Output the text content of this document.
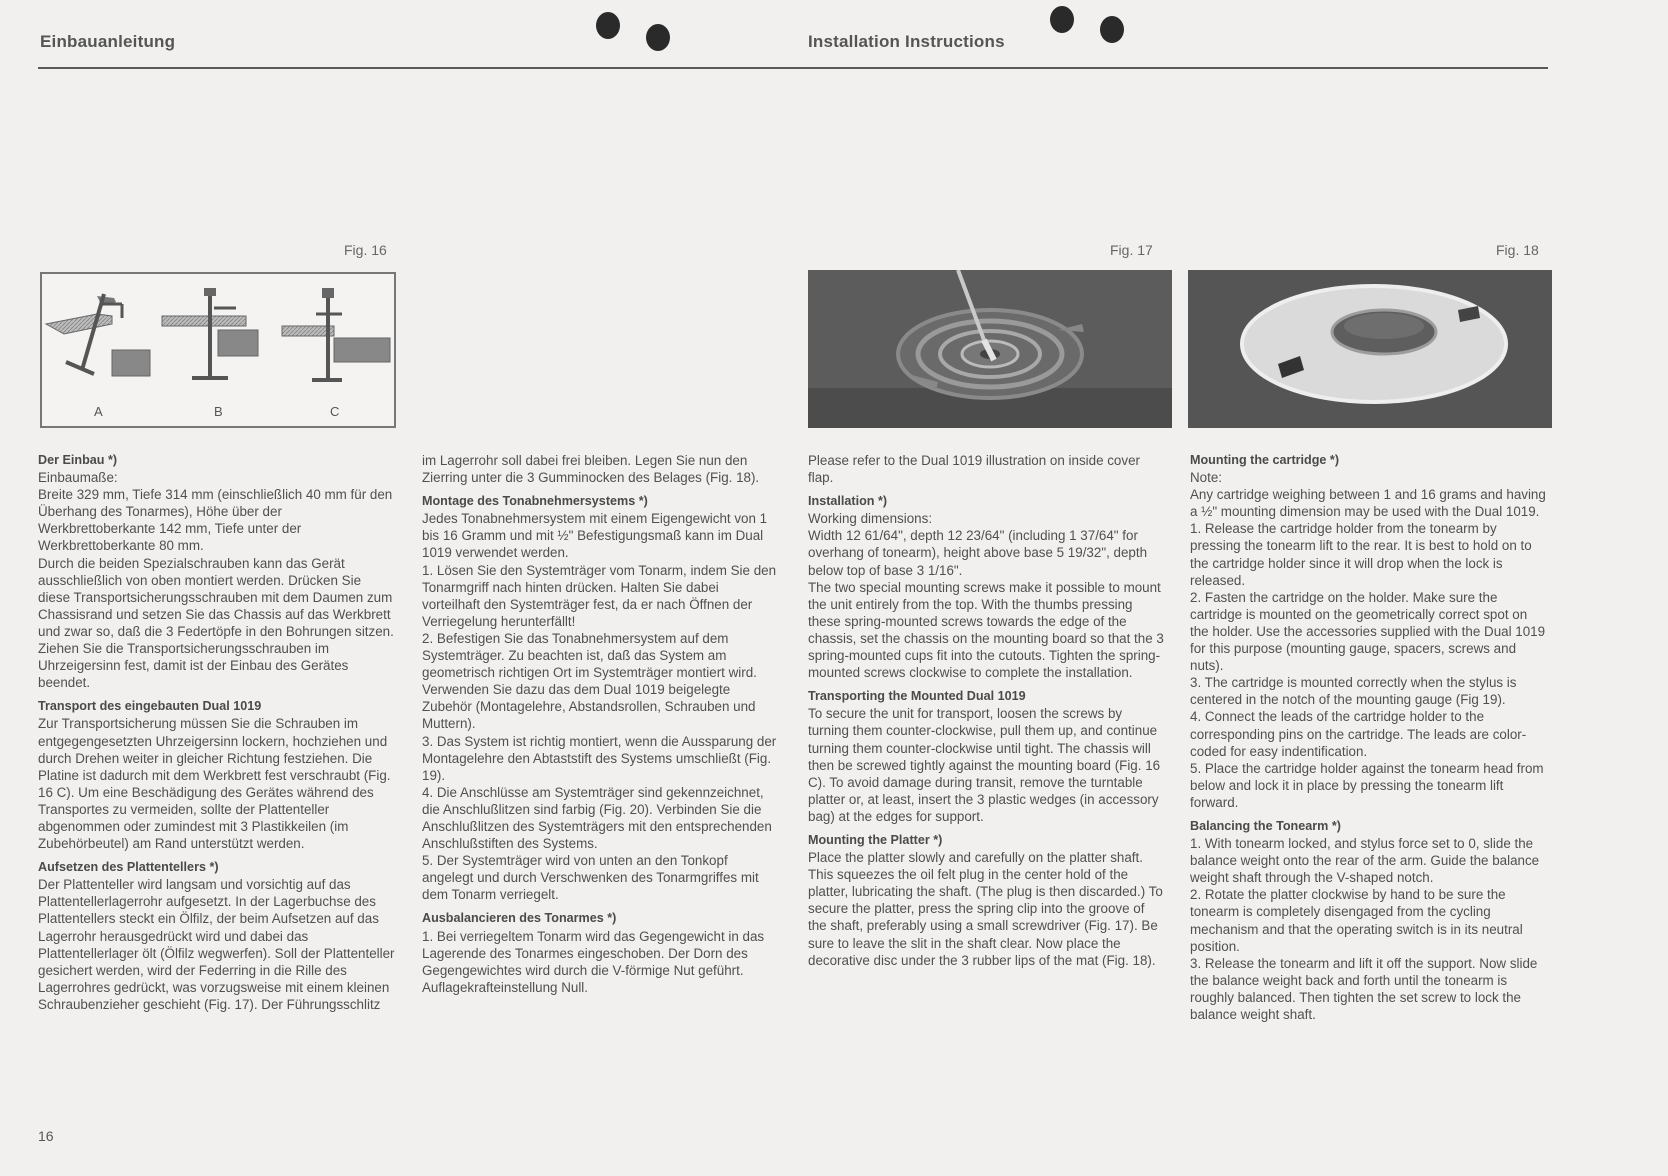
Einbauanleitung	Installation Instructions
Fig. 16	Fig. 17	Fig. 18
A	B	C

Der Einbau *)

Einbaumaße:

Breite 329 mm, Tiefe 314 mm (einschließlich 40 mm für den Überhang des Tonarmes), Höhe über der Werkbrettoberkante 142 mm, Tiefe unter der Werkbrettoberkante 80 mm.

Durch die beiden Spezialschrauben kann das Gerät ausschließlich von oben montiert werden. Drücken Sie diese Transportsicherungsschrauben mit dem Daumen zum Chassisrand und setzen Sie das Chassis auf das Werkbrett und zwar so, daß die 3 Federtöpfe in den Bohrungen sitzen. Ziehen Sie die Transportsicherungsschrauben im Uhrzeigersinn fest, damit ist der Einbau des Gerätes beendet.

Transport des eingebauten Dual 1019

Zur Transportsicherung müssen Sie die Schrauben im entgegengesetzten Uhrzeigersinn lockern, hochziehen und durch Drehen weiter in gleicher Richtung festziehen. Die Platine ist dadurch mit dem Werkbrett fest verschraubt (Fig. 16 C). Um eine Beschädigung des Gerätes während des Transportes zu vermeiden, sollte der Plattenteller abgenommen oder zumindest mit 3 Plastikkeilen (im Zubehörbeutel) am Rand unterstützt werden.

Aufsetzen des Plattentellers *)

Der Plattenteller wird langsam und vorsichtig auf das Plattentellerlagerrohr aufgesetzt. In der Lagerbuchse des Plattentellers steckt ein Ölfilz, der beim Aufsetzen auf das Lagerrohr herausgedrückt wird und dabei das Plattentellerlager ölt (Ölfilz wegwerfen). Soll der Plattenteller gesichert werden, wird der Federring in die Rille des Lagerrohres gedrückt, was vorzugsweise mit einem kleinen Schraubenzieher geschieht (Fig. 17). Der Führungsschlitz

im Lagerrohr soll dabei frei bleiben. Legen Sie nun den Zierring unter die 3 Gumminocken des Belages (Fig. 18).

Montage des Tonabnehmersystems *)

Jedes Tonabnehmersystem mit einem Eigengewicht von 1 bis 16 Gramm und mit ½" Befestigungsmaß kann im Dual 1019 verwendet werden.

1. Lösen Sie den Systemträger vom Tonarm, indem Sie den Tonarmgriff nach hinten drücken. Halten Sie dabei vorteilhaft den Systemträger fest, da er nach Öffnen der Verriegelung herunterfällt!

2. Befestigen Sie das Tonabnehmersystem auf dem Systemträger. Zu beachten ist, daß das System am geometrisch richtigen Ort im Systemträger montiert wird. Verwenden Sie dazu das dem Dual 1019 beigelegte Zubehör (Montagelehre, Abstandsrollen, Schrauben und Muttern).

3. Das System ist richtig montiert, wenn die Aussparung der Montagelehre den Abtaststift des Systems umschließt (Fig. 19).

4. Die Anschlüsse am Systemträger sind gekennzeichnet, die Anschlußlitzen sind farbig (Fig. 20). Verbinden Sie die Anschlußlitzen des Systemträgers mit den entsprechenden Anschlußstiften des Systems.

5. Der Systemträger wird von unten an den Tonkopf angelegt und durch Verschwenken des Tonarmgriffes mit dem Tonarm verriegelt.

Ausbalancieren des Tonarmes *)

1. Bei verriegeltem Tonarm wird das Gegengewicht in das Lagerende des Tonarmes eingeschoben. Der Dorn des Gegengewichtes wird durch die V-förmige Nut geführt. Auflagekrafteinstellung Null.

Please refer to the Dual 1019 illustration on inside cover flap.

Installation *)

Working dimensions:

Width 12 61/64", depth 12 23/64" (including 1 37/64" for overhang of tonearm), height above base 5 19/32", depth below top of base 3 1/16".

The two special mounting screws make it possible to mount the unit entirely from the top. With the thumbs pressing these spring-mounted screws towards the edge of the chassis, set the chassis on the mounting board so that the 3 spring-mounted cups fit into the cutouts. Tighten the spring-mounted screws clockwise to complete the installation.

Transporting the Mounted Dual 1019

To secure the unit for transport, loosen the screws by turning them counter-clockwise, pull them up, and continue turning them counter-clockwise until tight. The chassis will then be screwed tightly against the mounting board (Fig. 16 C). To avoid damage during transit, remove the turntable platter or, at least, insert the 3 plastic wedges (in accessory bag) at the edges for support.

Mounting the Platter *)

Place the platter slowly and carefully on the platter shaft. This squeezes the oil felt plug in the center hold of the platter, lubricating the shaft. (The plug is then discarded.) To secure the platter, press the spring clip into the groove of the shaft, preferably using a small screwdriver (Fig. 17). Be sure to leave the slit in the shaft clear. Now place the decorative disc under the 3 rubber lips of the mat (Fig. 18).

Mounting the cartridge *)

Note:

Any cartridge weighing between 1 and 16 grams and having a ½" mounting dimension may be used with the Dual 1019.

1. Release the cartridge holder from the tonearm by pressing the tonearm lift to the rear. It is best to hold on to the cartridge holder since it will drop when the lock is released.

2. Fasten the cartridge on the holder. Make sure the cartridge is mounted on the geometrically correct spot on the holder. Use the accessories supplied with the Dual 1019 for this purpose (mounting gauge, spacers, screws and nuts).

3. The cartridge is mounted correctly when the stylus is centered in the notch of the mounting gauge (Fig 19).

4. Connect the leads of the cartridge holder to the corresponding pins on the cartridge. The leads are color-coded for easy indentification.

5. Place the cartridge holder against the tonearm head from below and lock it in place by pressing the tonearm lift forward.

Balancing the Tonearm *)

1. With tonearm locked, and stylus force set to 0, slide the balance weight onto the rear of the arm. Guide the balance weight shaft through the V-shaped notch.

2. Rotate the platter clockwise by hand to be sure the tonearm is completely disengaged from the cycling mechanism and that the operating switch is in its neutral position.

3. Release the tonearm and lift it off the support. Now slide the balance weight back and forth until the tonearm is roughly balanced. Then tighten the set screw to lock the balance weight shaft.

16
